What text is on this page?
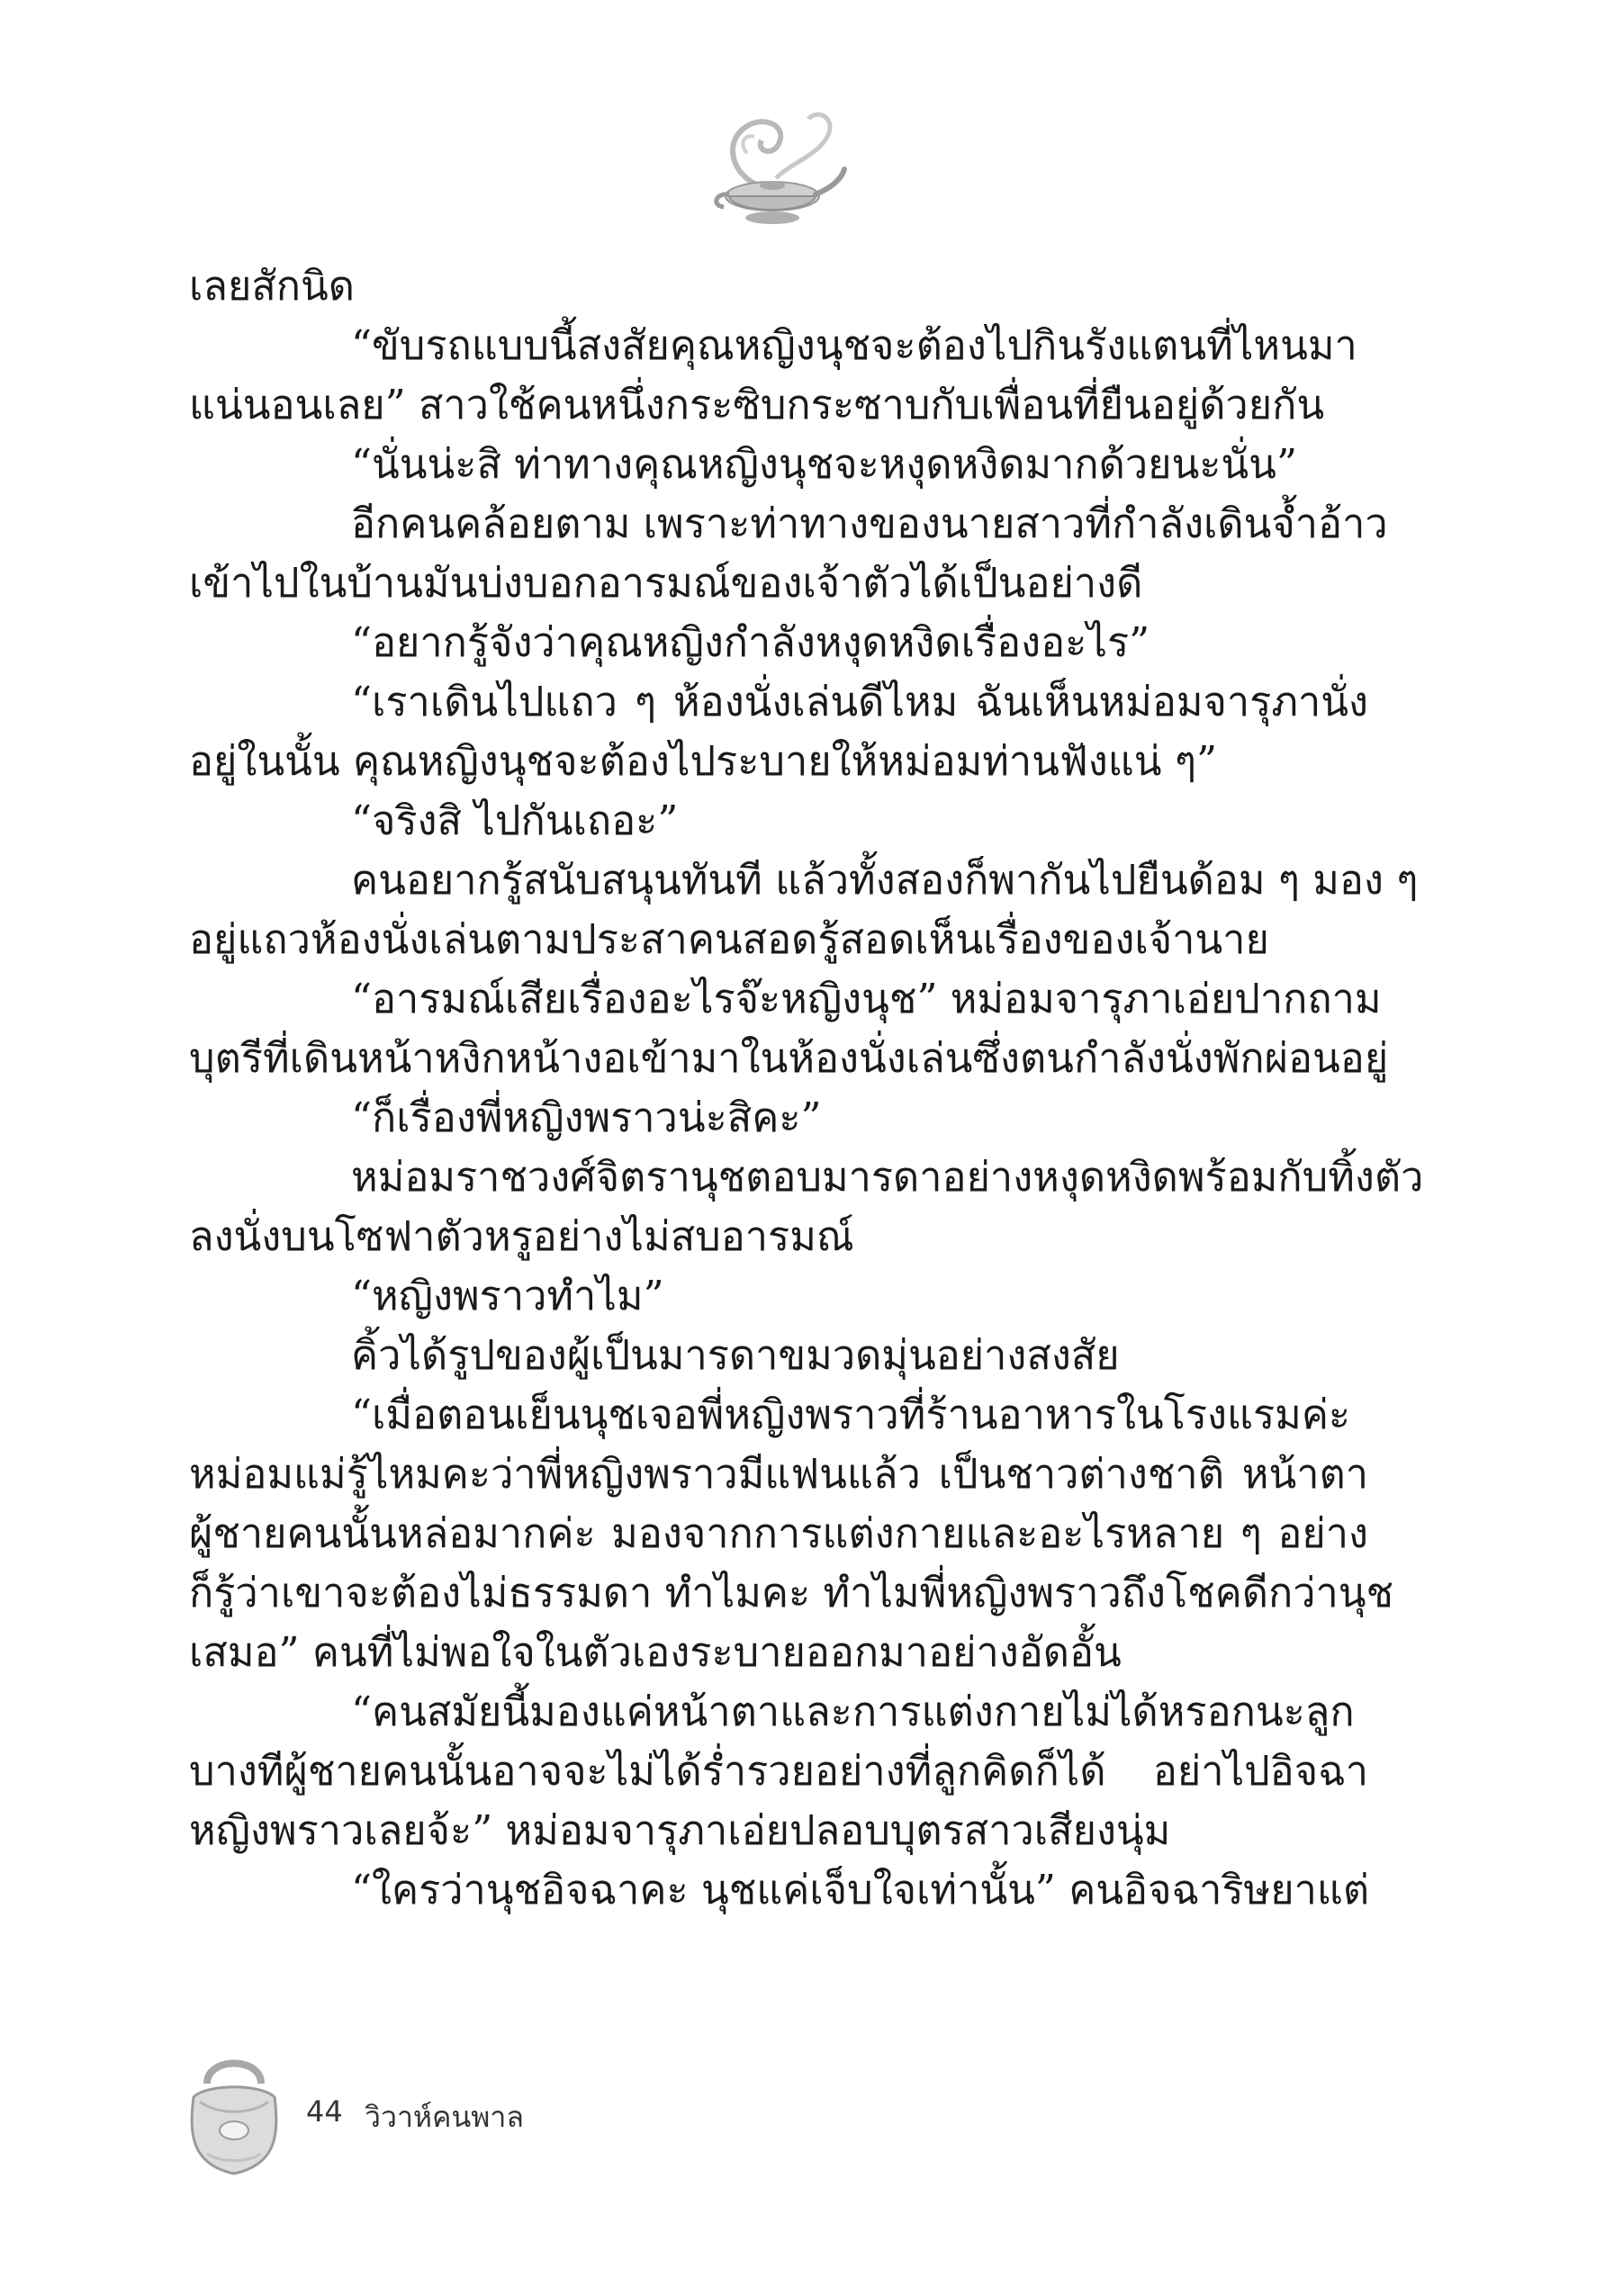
เลยสักนิด
“ขับรถแบบนี้สงสัยคุณหญิงนุชจะต้องไปกินรังแตนที่ไหนมา
แน่นอนเลย” สาวใช้คนหนึ่งกระซิบกระซาบกับเพื่อนที่ยืนอยู่ด้วยกัน
“นั่นน่ะสิ ท่าทางคุณหญิงนุชจะหงุดหงิดมากด้วยนะนั่น”
อีกคนคล้อยตาม เพราะท่าทางของนายสาวที่กำลังเดินจ้ำอ้าว
เข้าไปในบ้านมันบ่งบอกอารมณ์ของเจ้าตัวได้เป็นอย่างดี
“อยากรู้จังว่าคุณหญิงกำลังหงุดหงิดเรื่องอะไร”
“เราเดินไปแถว ๆ ห้องนั่งเล่นดีไหม ฉันเห็นหม่อมจารุภานั่ง
อยู่ในนั้น คุณหญิงนุชจะต้องไประบายให้หม่อมท่านฟังแน่ ๆ”
“จริงสิ ไปกันเถอะ”
คนอยากรู้สนับสนุนทันที แล้วทั้งสองก็พากันไปยืนด้อม ๆ มอง ๆ
อยู่แถวห้องนั่งเล่นตามประสาคนสอดรู้สอดเห็นเรื่องของเจ้านาย
“อารมณ์เสียเรื่องอะไรจ๊ะหญิงนุช” หม่อมจารุภาเอ่ยปากถาม
บุตรีที่เดินหน้าหงิกหน้างอเข้ามาในห้องนั่งเล่นซึ่งตนกำลังนั่งพักผ่อนอยู่
“ก็เรื่องพี่หญิงพราวน่ะสิคะ”
หม่อมราชวงศ์จิตรานุชตอบมารดาอย่างหงุดหงิดพร้อมกับทิ้งตัว
ลงนั่งบนโซฟาตัวหรูอย่างไม่สบอารมณ์
“หญิงพราวทำไม”
คิ้วได้รูปของผู้เป็นมารดาขมวดมุ่นอย่างสงสัย
“เมื่อตอนเย็นนุชเจอพี่หญิงพราวที่ร้านอาหารในโรงแรมค่ะ
หม่อมแม่รู้ไหมคะว่าพี่หญิงพราวมีแฟนแล้ว เป็นชาวต่างชาติ หน้าตา
ผู้ชายคนนั้นหล่อมากค่ะ มองจากการแต่งกายและอะไรหลาย ๆ อย่าง
ก็รู้ว่าเขาจะต้องไม่ธรรมดา ทำไมคะ ทำไมพี่หญิงพราวถึงโชคดีกว่านุช
เสมอ” คนที่ไม่พอใจในตัวเองระบายออกมาอย่างอัดอั้น
“คนสมัยนี้มองแค่หน้าตาและการแต่งกายไม่ได้หรอกนะลูก
บางทีผู้ชายคนนั้นอาจจะไม่ได้ร่ำรวยอย่างที่ลูกคิดก็ได้ อย่าไปอิจฉา
หญิงพราวเลยจ้ะ” หม่อมจารุภาเอ่ยปลอบบุตรสาวเสียงนุ่ม
“ใครว่านุชอิจฉาคะ นุชแค่เจ็บใจเท่านั้น” คนอิจฉาริษยาแต่
44 วิวาห์คนพาล
